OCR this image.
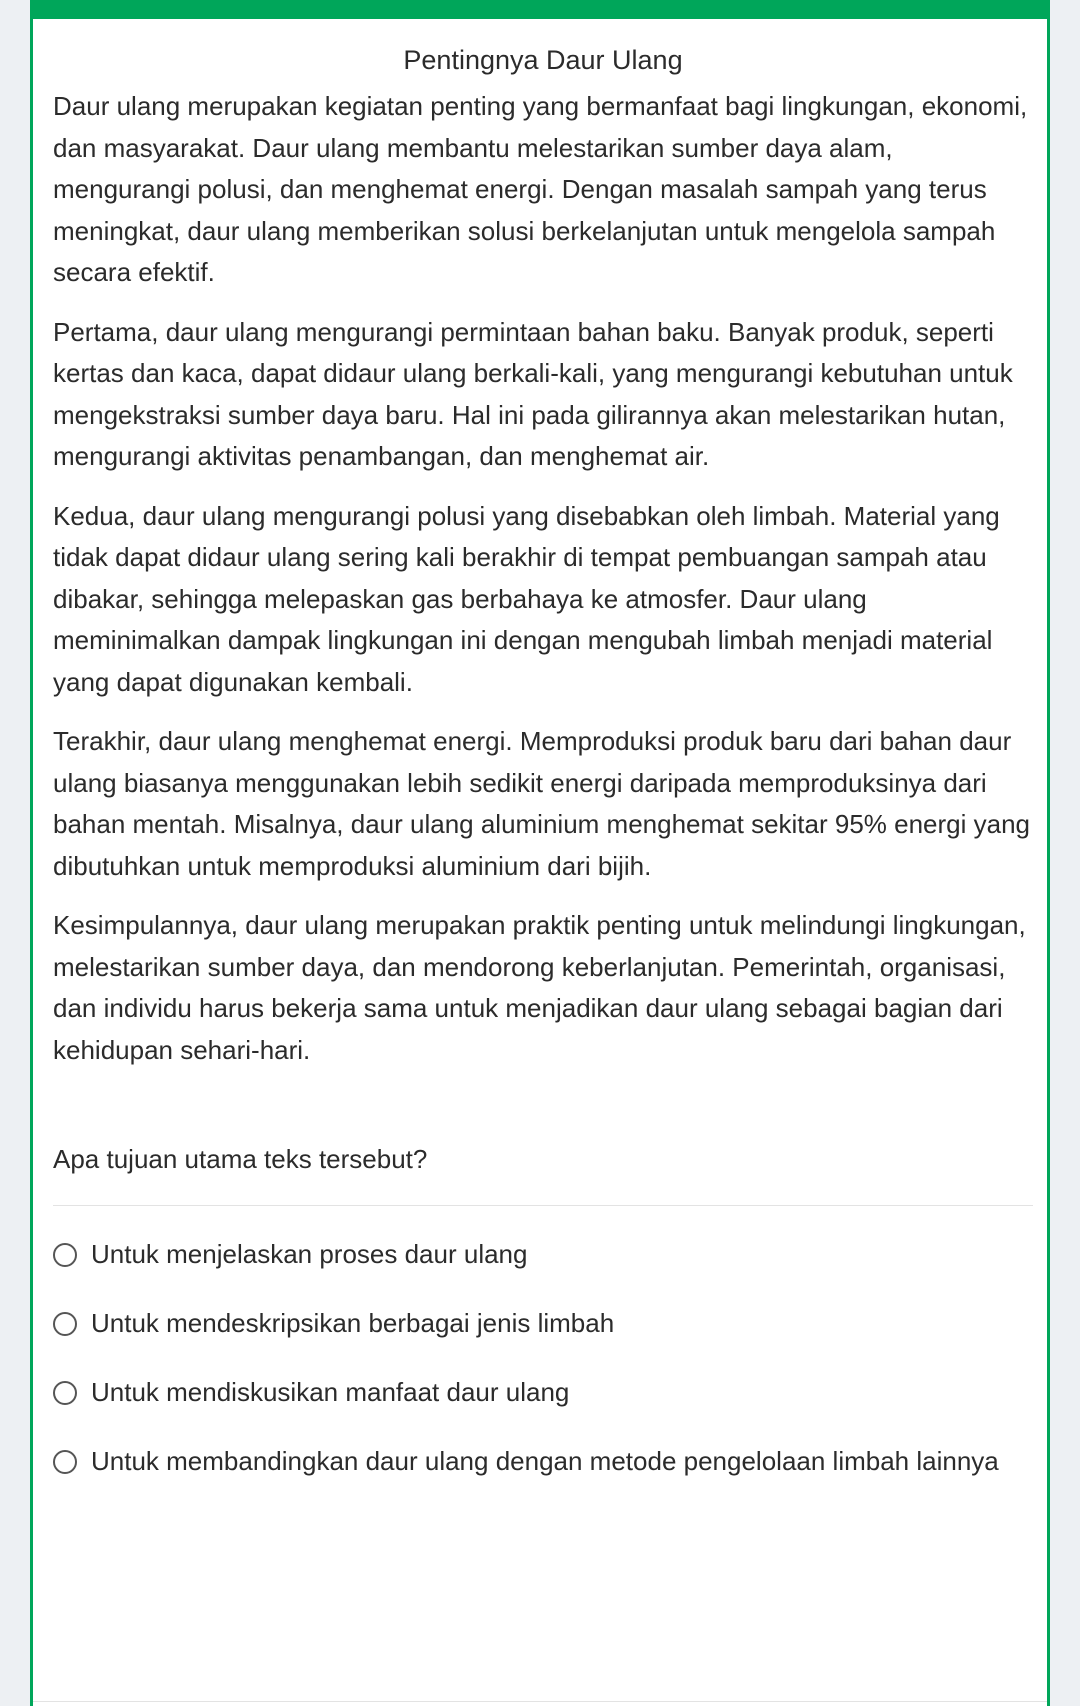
Pentingnya Daur Ulang

Daur ulang merupakan kegiatan penting yang bermanfaat bagi lingkungan, ekonomi, dan masyarakat. Daur ulang membantu melestarikan sumber daya alam, mengurangi polusi, dan menghemat energi. Dengan masalah sampah yang terus meningkat, daur ulang memberikan solusi berkelanjutan untuk mengelola sampah secara efektif.

Pertama, daur ulang mengurangi permintaan bahan baku. Banyak produk, seperti kertas dan kaca, dapat didaur ulang berkali-kali, yang mengurangi kebutuhan untuk mengekstraksi sumber daya baru. Hal ini pada gilirannya akan melestarikan hutan, mengurangi aktivitas penambangan, dan menghemat air.

Kedua, daur ulang mengurangi polusi yang disebabkan oleh limbah. Material yang tidak dapat didaur ulang sering kali berakhir di tempat pembuangan sampah atau dibakar, sehingga melepaskan gas berbahaya ke atmosfer. Daur ulang meminimalkan dampak lingkungan ini dengan mengubah limbah menjadi material yang dapat digunakan kembali.

Terakhir, daur ulang menghemat energi. Memproduksi produk baru dari bahan daur ulang biasanya menggunakan lebih sedikit energi daripada memproduksinya dari bahan mentah. Misalnya, daur ulang aluminium menghemat sekitar 95% energi yang dibutuhkan untuk memproduksi aluminium dari bijih.

Kesimpulannya, daur ulang merupakan praktik penting untuk melindungi lingkungan, melestarikan sumber daya, dan mendorong keberlanjutan. Pemerintah, organisasi, dan individu harus bekerja sama untuk menjadikan daur ulang sebagai bagian dari kehidupan sehari-hari.

Apa tujuan utama teks tersebut?
Untuk menjelaskan proses daur ulang
Untuk mendeskripsikan berbagai jenis limbah
Untuk mendiskusikan manfaat daur ulang
Untuk membandingkan daur ulang dengan metode pengelolaan limbah lainnya
